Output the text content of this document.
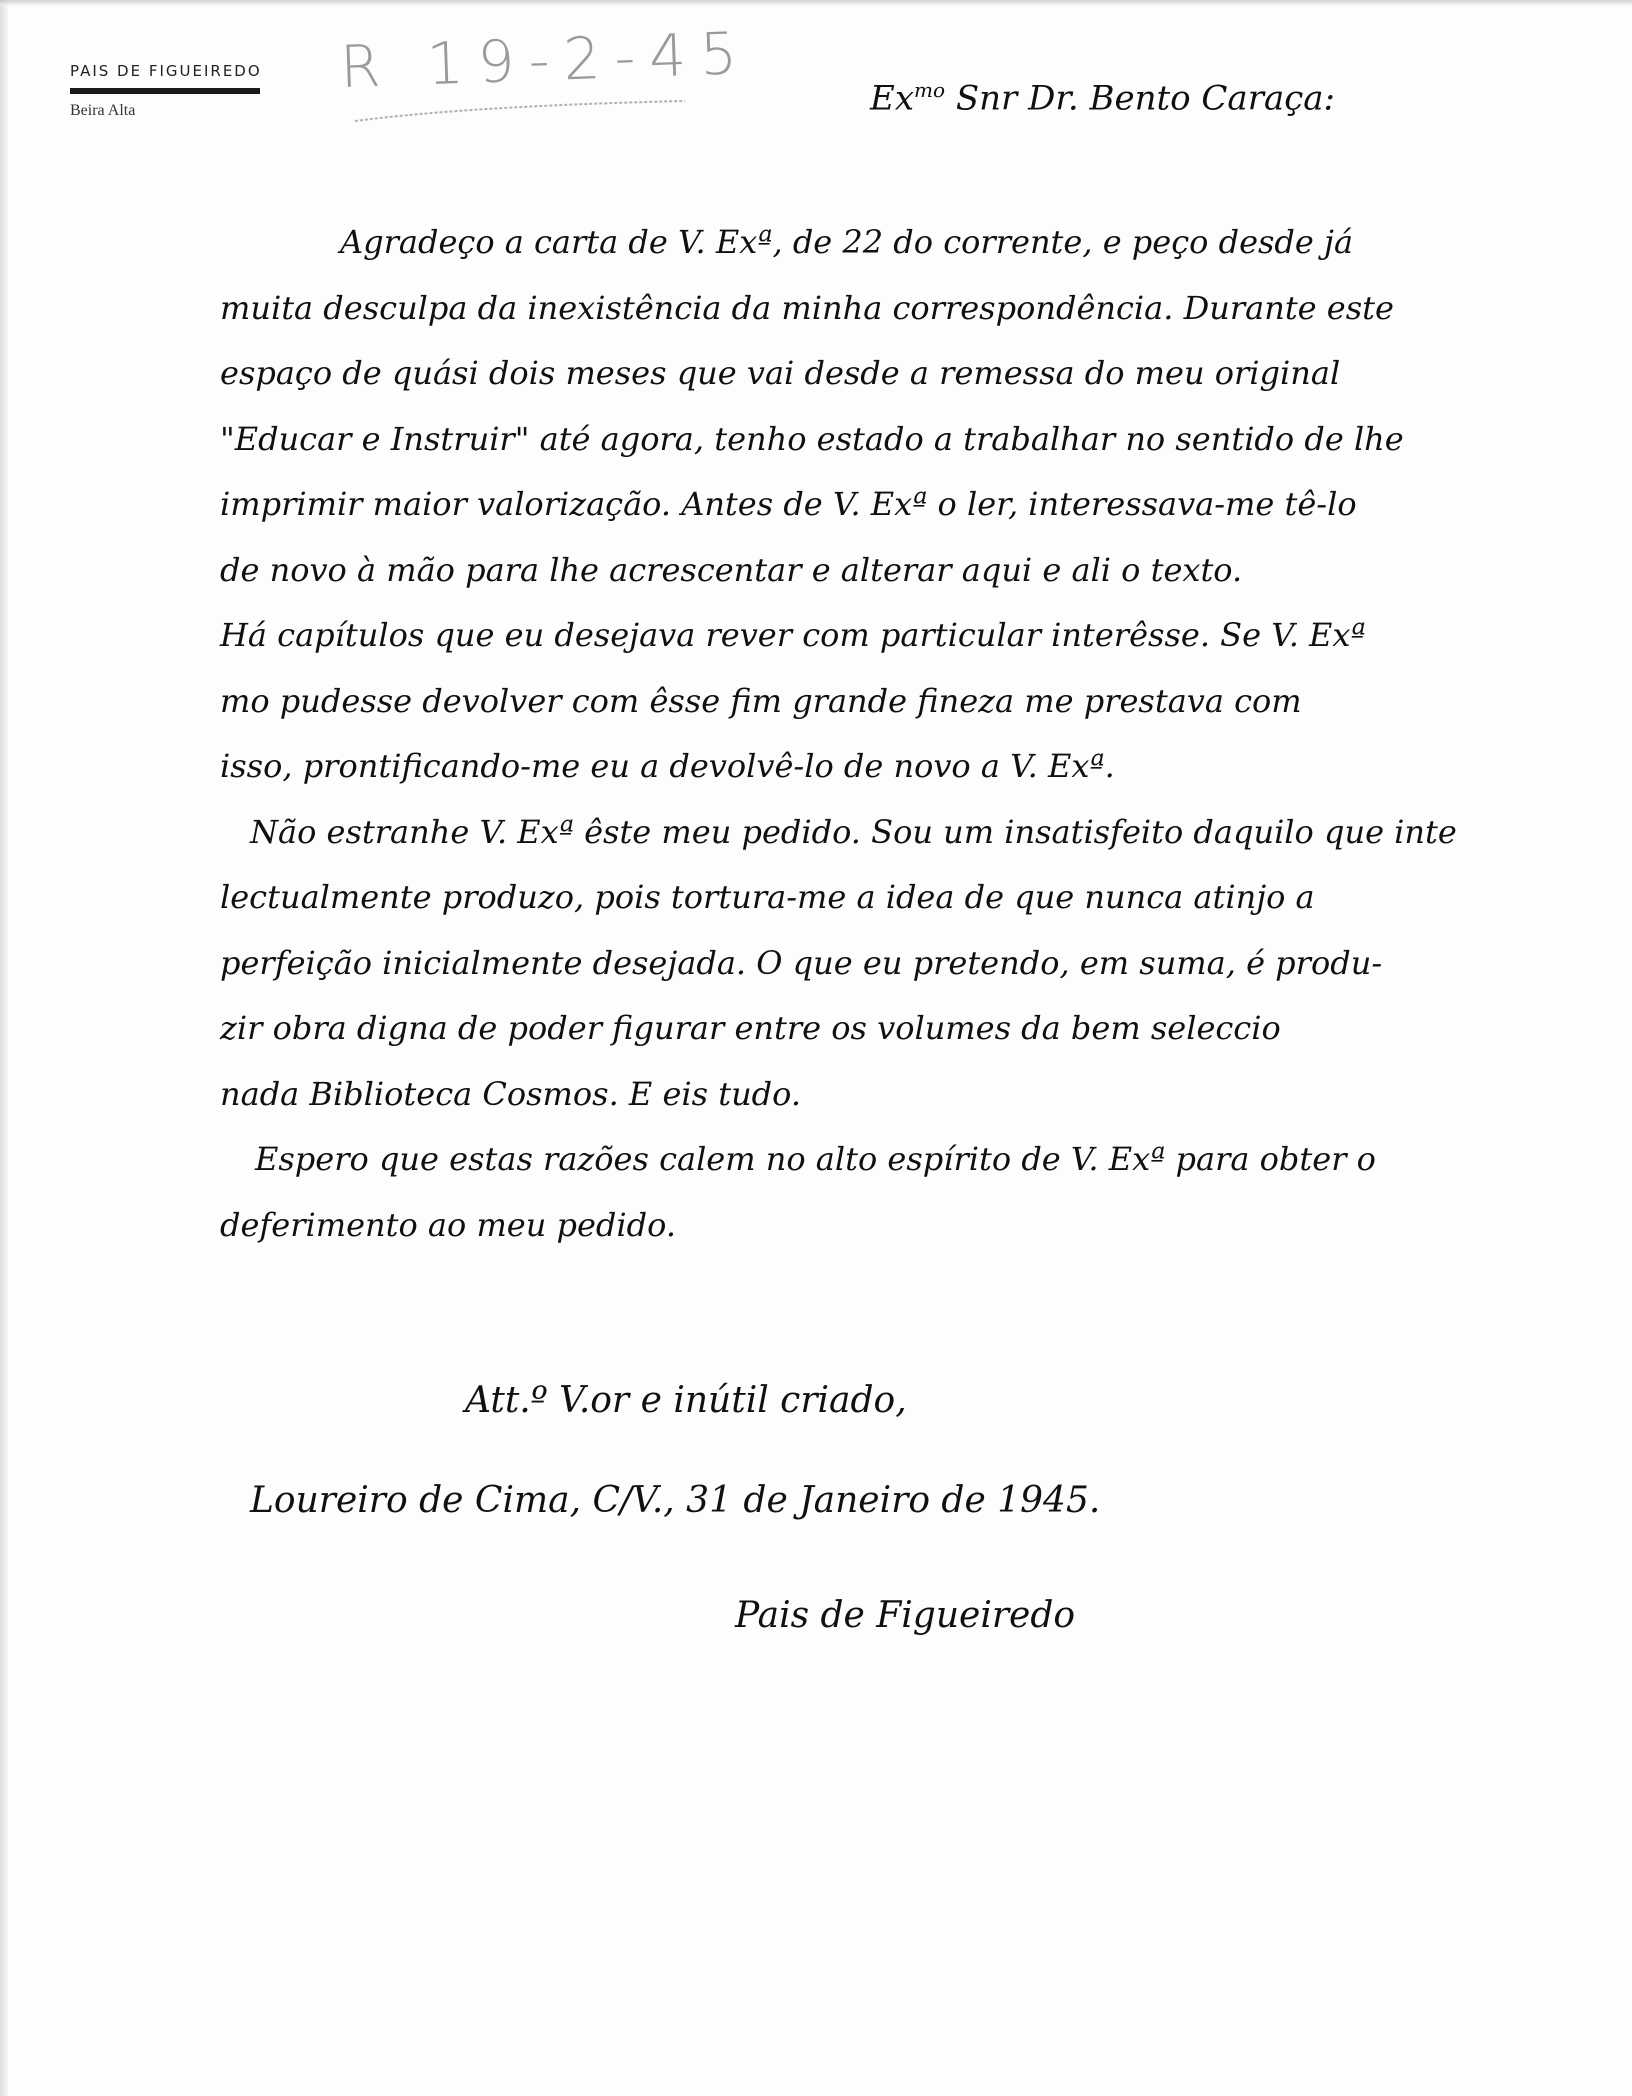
PAIS DE FIGUEIREDO
Beira Alta
R 19-2-45	$Ex^{mo}$ Snr Dr. Bento Caraça:
Agradeço a carta de V. Exª, de 22 do corrente, e peço desde já
muita desculpa da inexistência da minha correspondência. Durante este
espaço de quási dois meses que vai desde a remessa do meu original
"Educar e Instruir" até agora, tenho estado a trabalhar no sentido de lhe
imprimir maior valorização. Antes de V. Exª o ler, interessava-me tê-lo
de novo à mão para lhe acrescentar e alterar aqui e ali o texto.
Há capítulos que eu desejava rever com particular interêsse. Se V. Exª
mo pudesse devolver com êsse fim grande fineza me prestava com
isso, prontificando-me eu a devolvê-lo de novo a V. Exª.
Não estranhe V. Exª êste meu pedido. Sou um insatisfeito daquilo que inte
lectualmente produzo, pois tortura-me a idea de que nunca atinjo a
perfeição inicialmente desejada. O que eu pretendo, em suma, é produ-
zir obra digna de poder figurar entre os volumes da bem seleccio
nada Biblioteca Cosmos. E eis tudo.
Espero que estas razões calem no alto espírito de V. Exª para obter o
deferimento ao meu pedido.
Att.º V.or e inútil criado,
Loureiro de Cima, C/V., 31 de Janeiro de 1945.
Pais de Figueiredo
